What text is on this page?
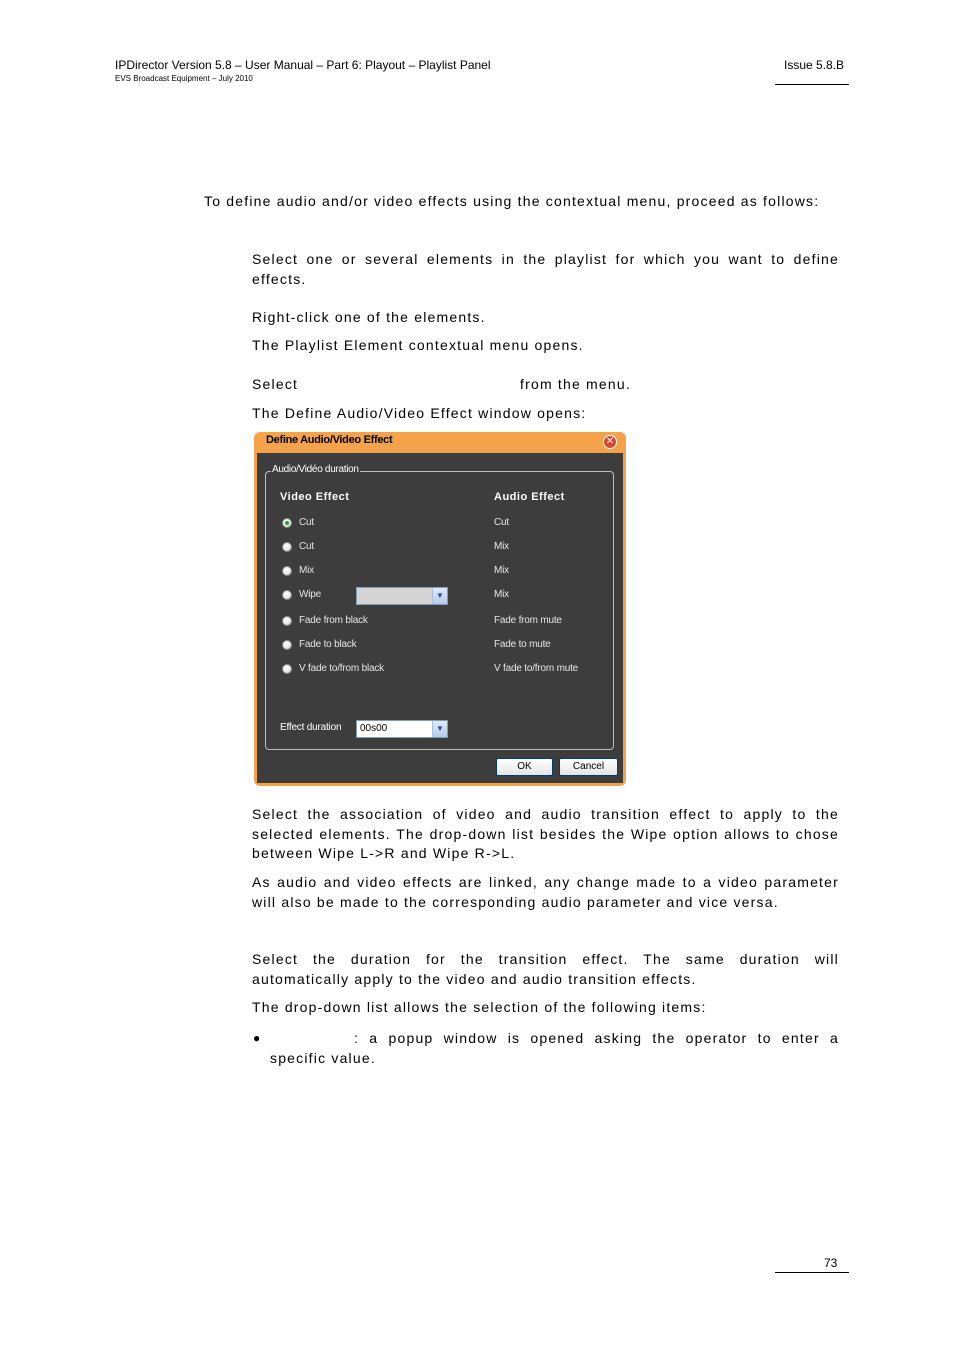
IPDirector Version 5.8 – User Manual – Part 6: Playout – Playlist Panel
EVS Broadcast Equipment – July 2010
Issue 5.8.B

To define audio and/or video effects using the contextual menu, proceed as follows:

Select one or several elements in the playlist for which you want to define effects.

Right-click one of the elements.
The Playlist Element contextual menu opens.
Select	from the menu.
The Define Audio/Video Effect window opens:
Define Audio/Video Effect	✕
Audio/Vidéo duration
Video Effect	Audio Effect
Cut	Cut
Cut	Mix
Mix	Mix
Wipe	▼	Mix
Fade from black	Fade from mute
Fade to black	Fade to mute
V fade to/from black	V fade to/from mute
Effect duration 00s00	▼
OK	Cancel

Select the association of video and audio transition effect to apply to the selected elements. The drop-down list besides the Wipe option allows to chose between Wipe L->R and Wipe R->L.

As audio and video effects are linked, any change made to a video parameter will also be made to the corresponding audio parameter and vice versa.

Select the duration for the transition effect. The same duration will automatically apply to the video and audio transition effects.

The drop-down list allows the selection of the following items:
●	: a popup window is opened asking the operator to enter a specific value.

73
